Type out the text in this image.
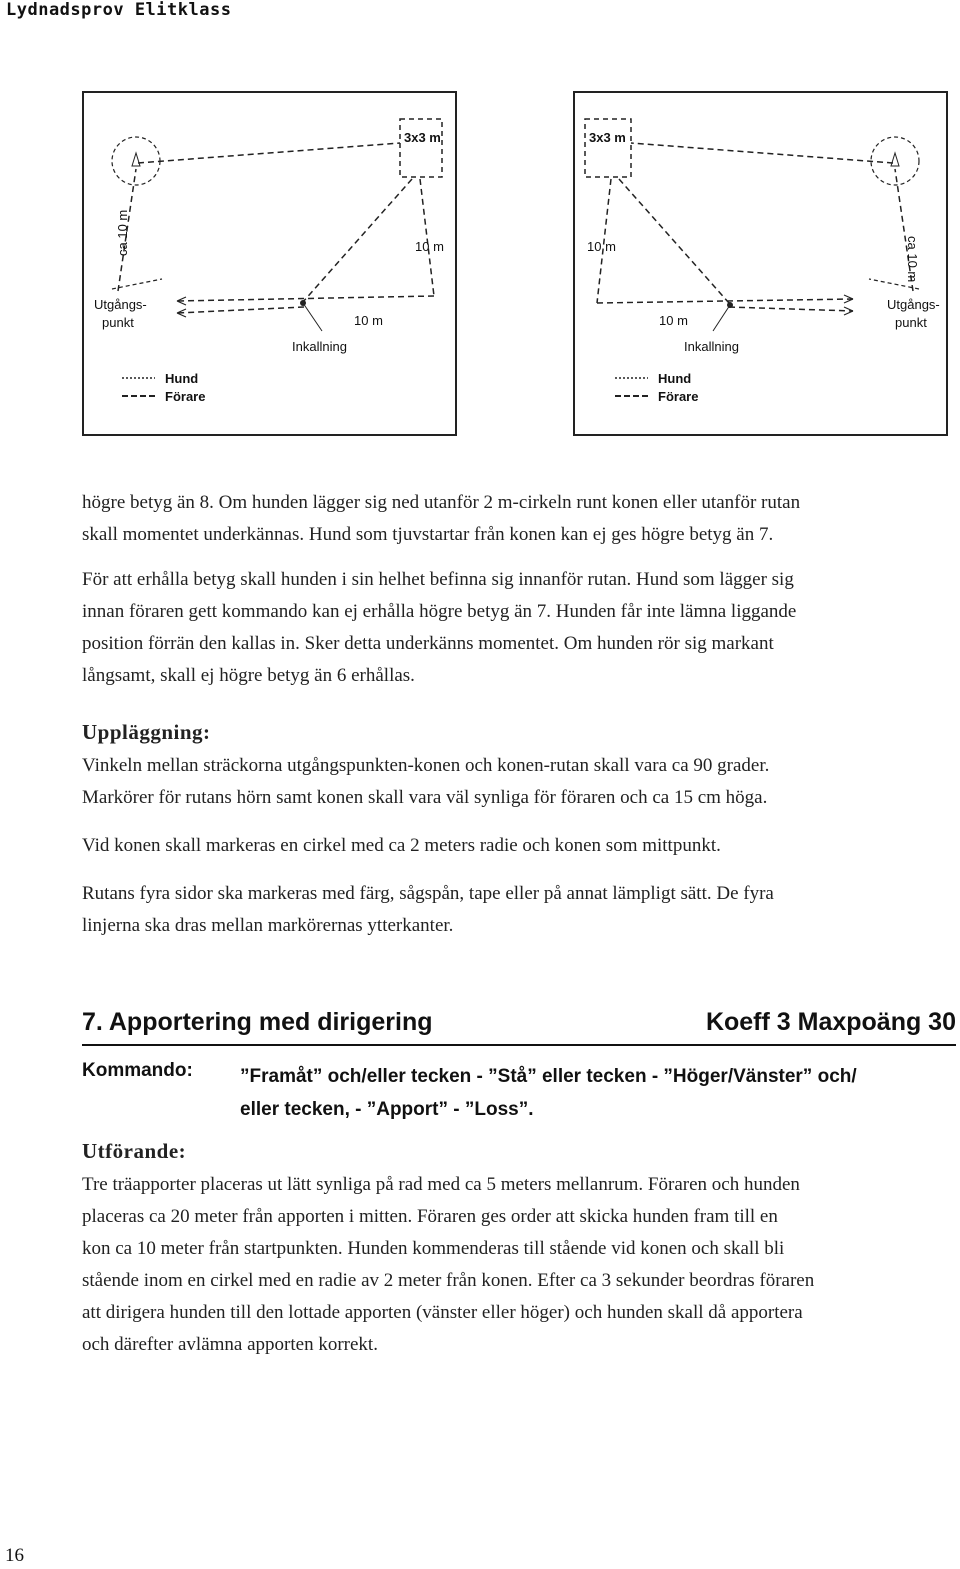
Lydnadsprov Elitklass
3x3 m
ca 10 m	10 m
10 m
Utgångs-
punkt
Inkallning
Hund
Förare
3x3 m
ca 10 m
10 m
10 m
Utgångs-
punkt
Inkallning
Hund
Förare
högre betyg än 8. Om hunden lägger sig ned utanför 2 m-cirkeln runt konen eller utanför rutan
skall momentet underkännas. Hund som tjuvstartar från konen kan ej ges högre betyg än 7.
För att erhålla betyg skall hunden i sin helhet befinna sig innanför rutan. Hund som lägger sig
innan föraren gett kommando kan ej erhålla högre betyg än 7. Hunden får inte lämna liggande
position förrän den kallas in. Sker detta underkänns momentet. Om hunden rör sig markant
långsamt, skall ej högre betyg än 6 erhållas.
Uppläggning:
Vinkeln mellan sträckorna utgångspunkten-konen och konen-rutan skall vara ca 90 grader.
Markörer för rutans hörn samt konen skall vara väl synliga för föraren och ca 15 cm höga.
Vid konen skall markeras en cirkel med ca 2 meters radie och konen som mittpunkt.
Rutans fyra sidor ska markeras med färg, sågspån, tape eller på annat lämpligt sätt. De fyra
linjerna ska dras mellan markörernas ytterkanter.
7. Apportering med dirigering	Koeff 3 Maxpoäng 30
Kommando: ”Framåt” och/eller tecken - ”Stå” eller tecken - ”Höger/Vänster” och/
eller tecken, - ”Apport” - ”Loss”.
Utförande:
Tre träapporter placeras ut lätt synliga på rad med ca 5 meters mellanrum. Föraren och hunden
placeras ca 20 meter från apporten i mitten. Föraren ges order att skicka hunden fram till en
kon ca 10 meter från startpunkten. Hunden kommenderas till stående vid konen och skall bli
stående inom en cirkel med en radie av 2 meter från konen. Efter ca 3 sekunder beordras föraren
att dirigera hunden till den lottade apporten (vänster eller höger) och hunden skall då apportera
och därefter avlämna apporten korrekt.
16
